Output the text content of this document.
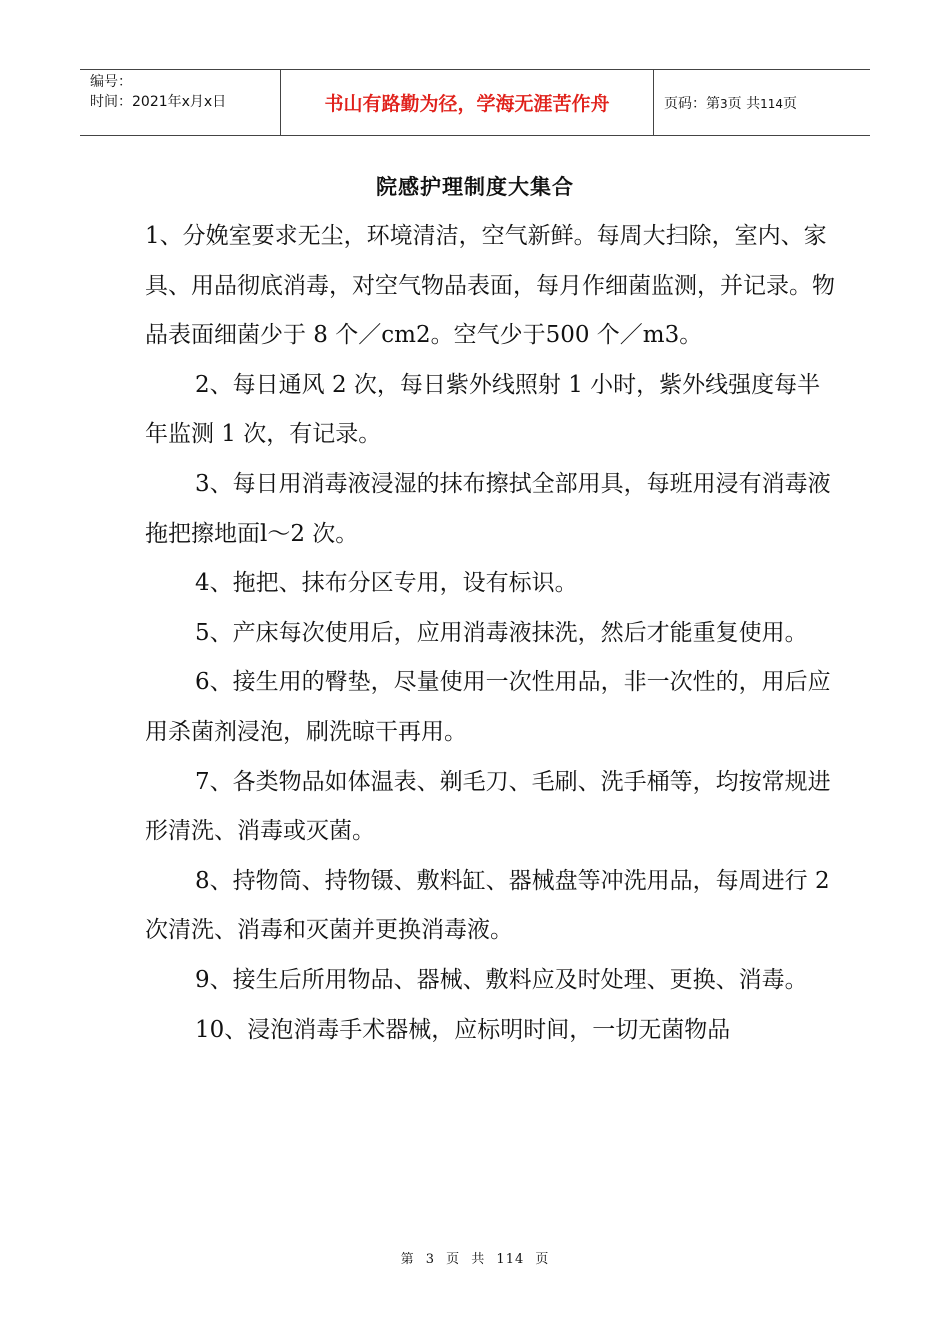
编号：
时间：2021年x月x日	书山有路勤为径，学海无涯苦作舟	页码：第3页 共114页
院感护理制度大集合

1、分娩室要求无尘，环境清洁，空气新鲜。每周大扫除，室内、家具、用品彻底消毒，对空气物品表面，每月作细菌监测，并记录。物品表面细菌少于 8 个／cm2。空气少于500 个／m3。

2、每日通风 2 次，每日紫外线照射 1 小时，紫外线强度每半年监测 1 次，有记录。

3、每日用消毒液浸湿的抹布擦拭全部用具，每班用浸有消毒液拖把擦地面l～2 次。

4、拖把、抹布分区专用，设有标识。

5、产床每次使用后，应用消毒液抹洗，然后才能重复使用。

6、接生用的臀垫，尽量使用一次性用品，非一次性的，用后应用杀菌剂浸泡，刷洗晾干再用。

7、各类物品如体温表、剃毛刀、毛刷、洗手桶等，均按常规进形清洗、消毒或灭菌。

8、持物筒、持物镊、敷料缸、器械盘等冲洗用品，每周进行 2 次清洗、消毒和灭菌并更换消毒液。

9、接生后所用物品、器械、敷料应及时处理、更换、消毒。

10、浸泡消毒手术器械，应标明时间，一切无菌物品

第 3 页 共 114 页
